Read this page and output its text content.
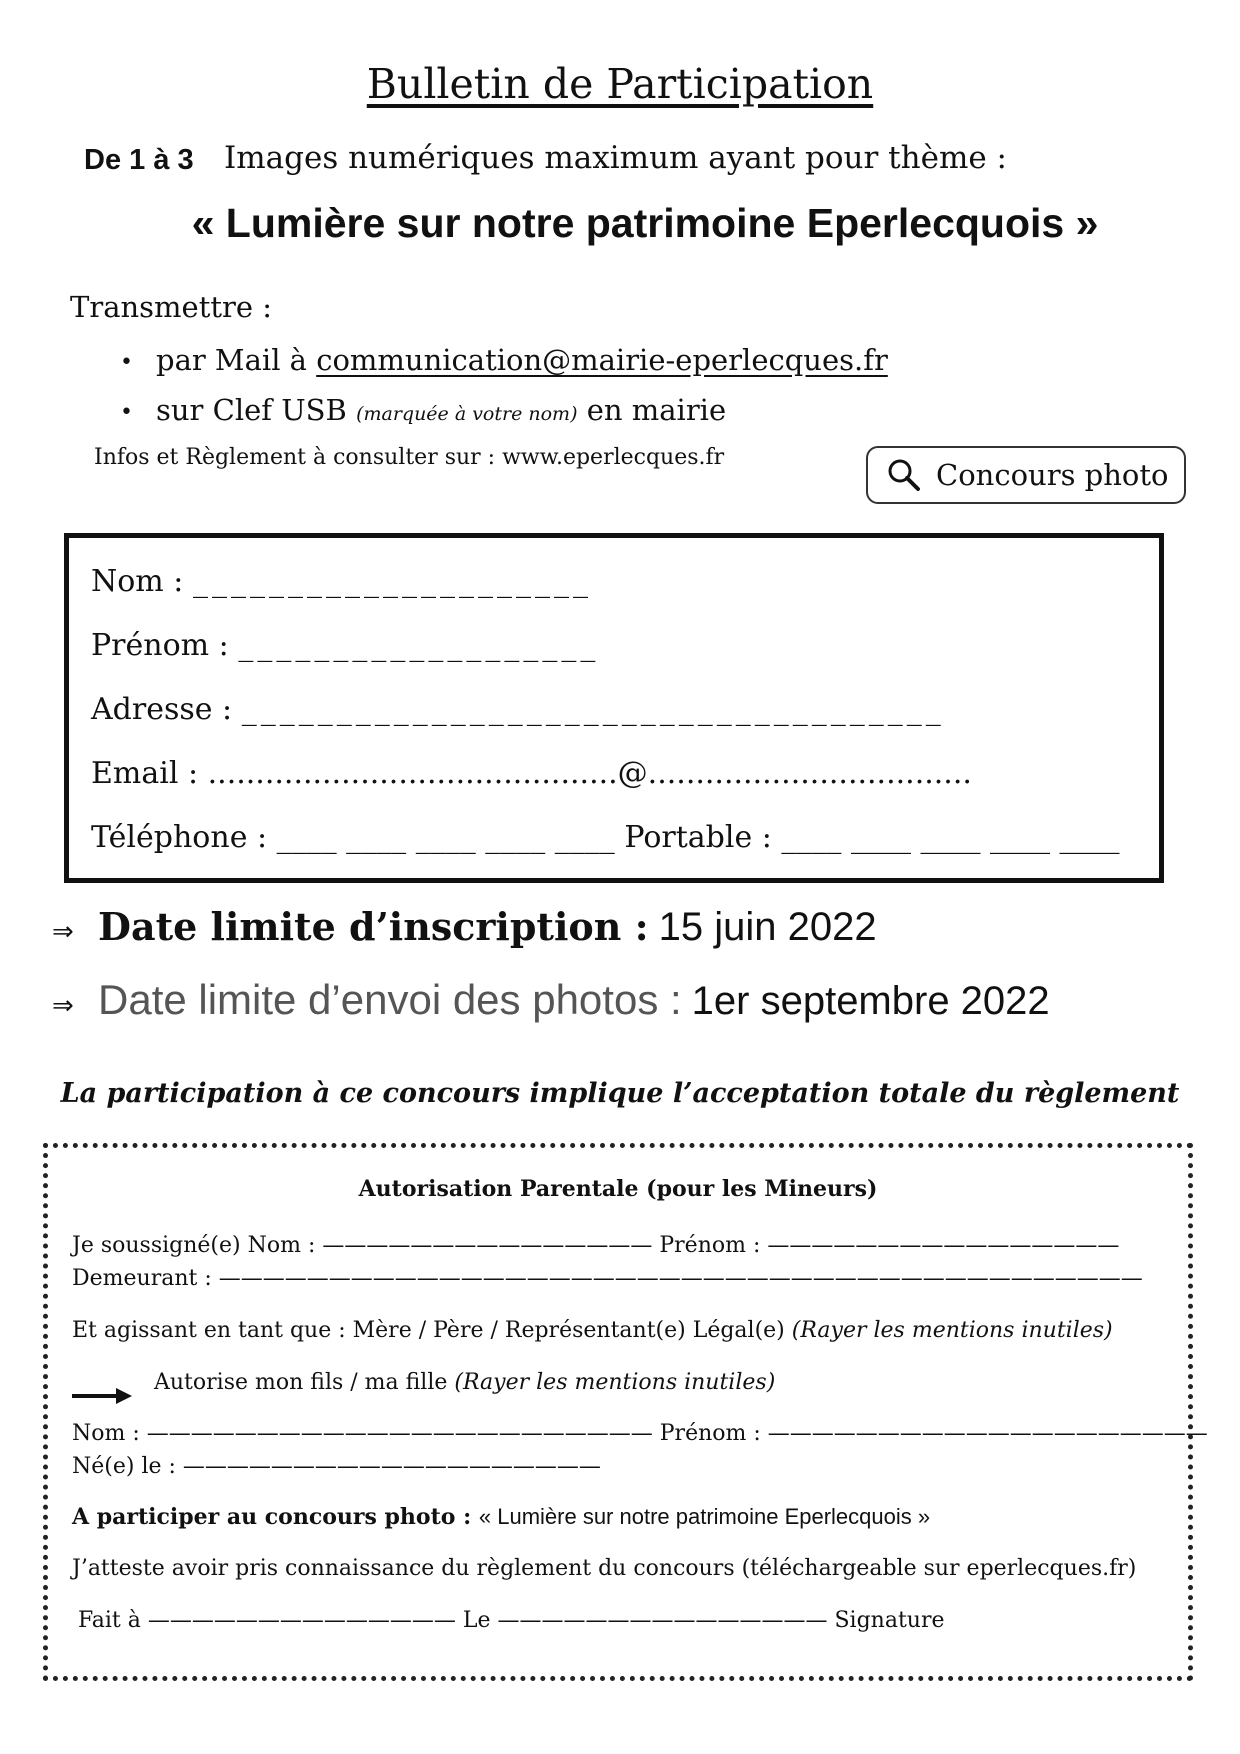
Bulletin de Participation
De 1 à 3 Images numériques maximum ayant pour thème :
« Lumière sur notre patrimoine Eperlecquois »
Transmettre :
• par Mail à communication@mairie-eperlecques.fr
• sur Clef USB (marquée à votre nom) en mairie
Infos et Règlement à consulter sur : www.eperlecques.fr
Concours photo
Nom : _____________________
Prénom : ___________________
Adresse : _____________________________________
Email : ...........................................@..................................
Téléphone : ____ ____ ____ ____ ____ Portable : ____ ____ ____ ____ ____
⇒ Date limite d’inscription : 15 juin 2022
⇒ Date limite d’envoi des photos : 1er septembre 2022
La participation à ce concours implique l’acceptation totale du règlement
Autorisation Parentale (pour les Mineurs)
Je soussigné(e) Nom : ——————————————— Prénom : ————————————————
Demeurant : ——————————————————————————————————————————
Et agissant en tant que : Mère / Père / Représentant(e) Légal(e) (Rayer les mentions inutiles)
Autorise mon fils / ma fille (Rayer les mentions inutiles)
Nom : ——————————————————————— Prénom : ————————————————————
Né(e) le : ———————————————————
A participer au concours photo : « Lumière sur notre patrimoine Eperlecquois »
J’atteste avoir pris connaissance du règlement du concours (téléchargeable sur eperlecques.fr)
Fait à —————————————— Le ——————————————— Signature
